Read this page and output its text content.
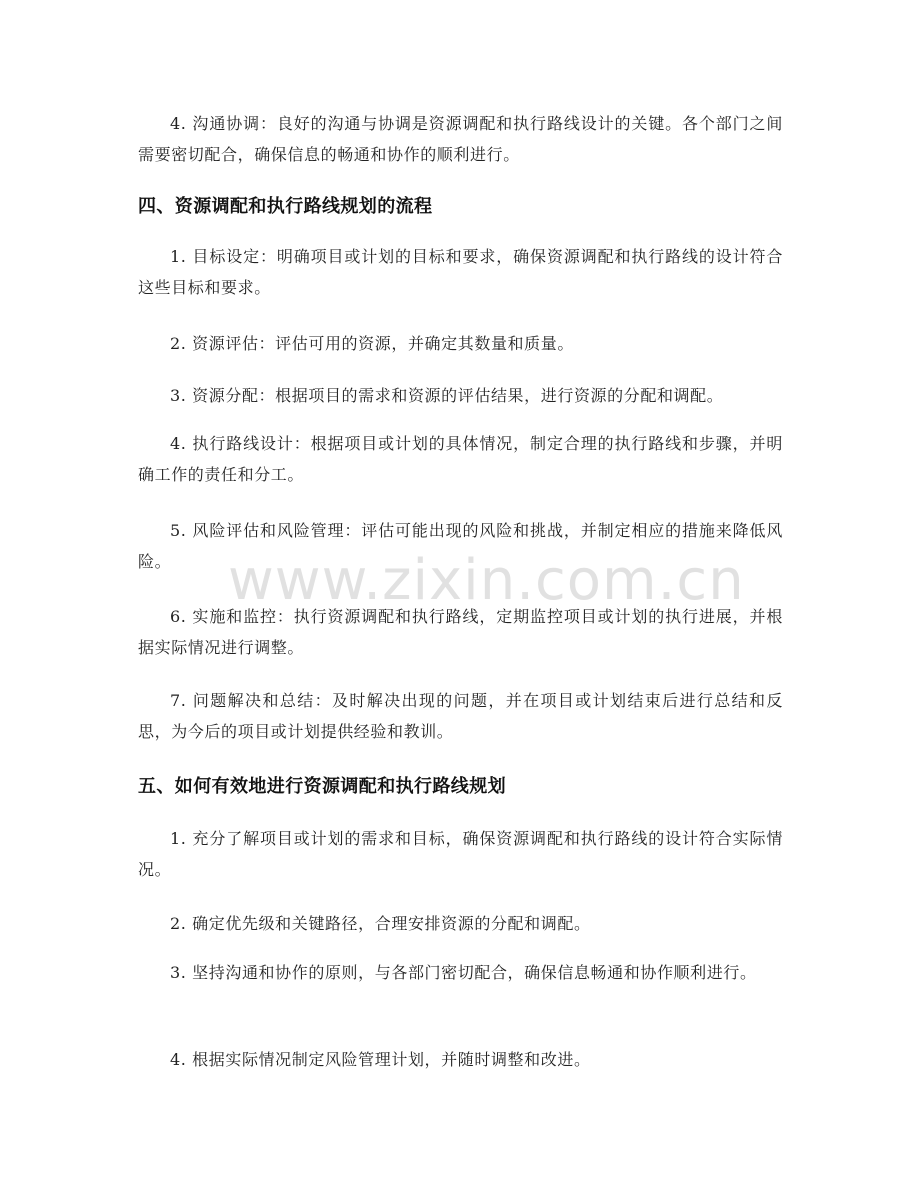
4. 沟通协调：良好的沟通与协调是资源调配和执行路线设计的关键。各个部门之间需要密切配合，确保信息的畅通和协作的顺利进行。

四、资源调配和执行路线规划的流程

1. 目标设定：明确项目或计划的目标和要求，确保资源调配和执行路线的设计符合这些目标和要求。

2. 资源评估：评估可用的资源，并确定其数量和质量。

3. 资源分配：根据项目的需求和资源的评估结果，进行资源的分配和调配。

4. 执行路线设计：根据项目或计划的具体情况，制定合理的执行路线和步骤，并明确工作的责任和分工。

5. 风险评估和风险管理：评估可能出现的风险和挑战，并制定相应的措施来降低风险。

6. 实施和监控：执行资源调配和执行路线，定期监控项目或计划的执行进展，并根据实际情况进行调整。

7. 问题解决和总结：及时解决出现的问题，并在项目或计划结束后进行总结和反思，为今后的项目或计划提供经验和教训。

五、如何有效地进行资源调配和执行路线规划

1. 充分了解项目或计划的需求和目标，确保资源调配和执行路线的设计符合实际情况。

2. 确定优先级和关键路径，合理安排资源的分配和调配。

3. 坚持沟通和协作的原则，与各部门密切配合，确保信息畅通和协作顺利进行。

4. 根据实际情况制定风险管理计划，并随时调整和改进。

www.zixin.com.cn
